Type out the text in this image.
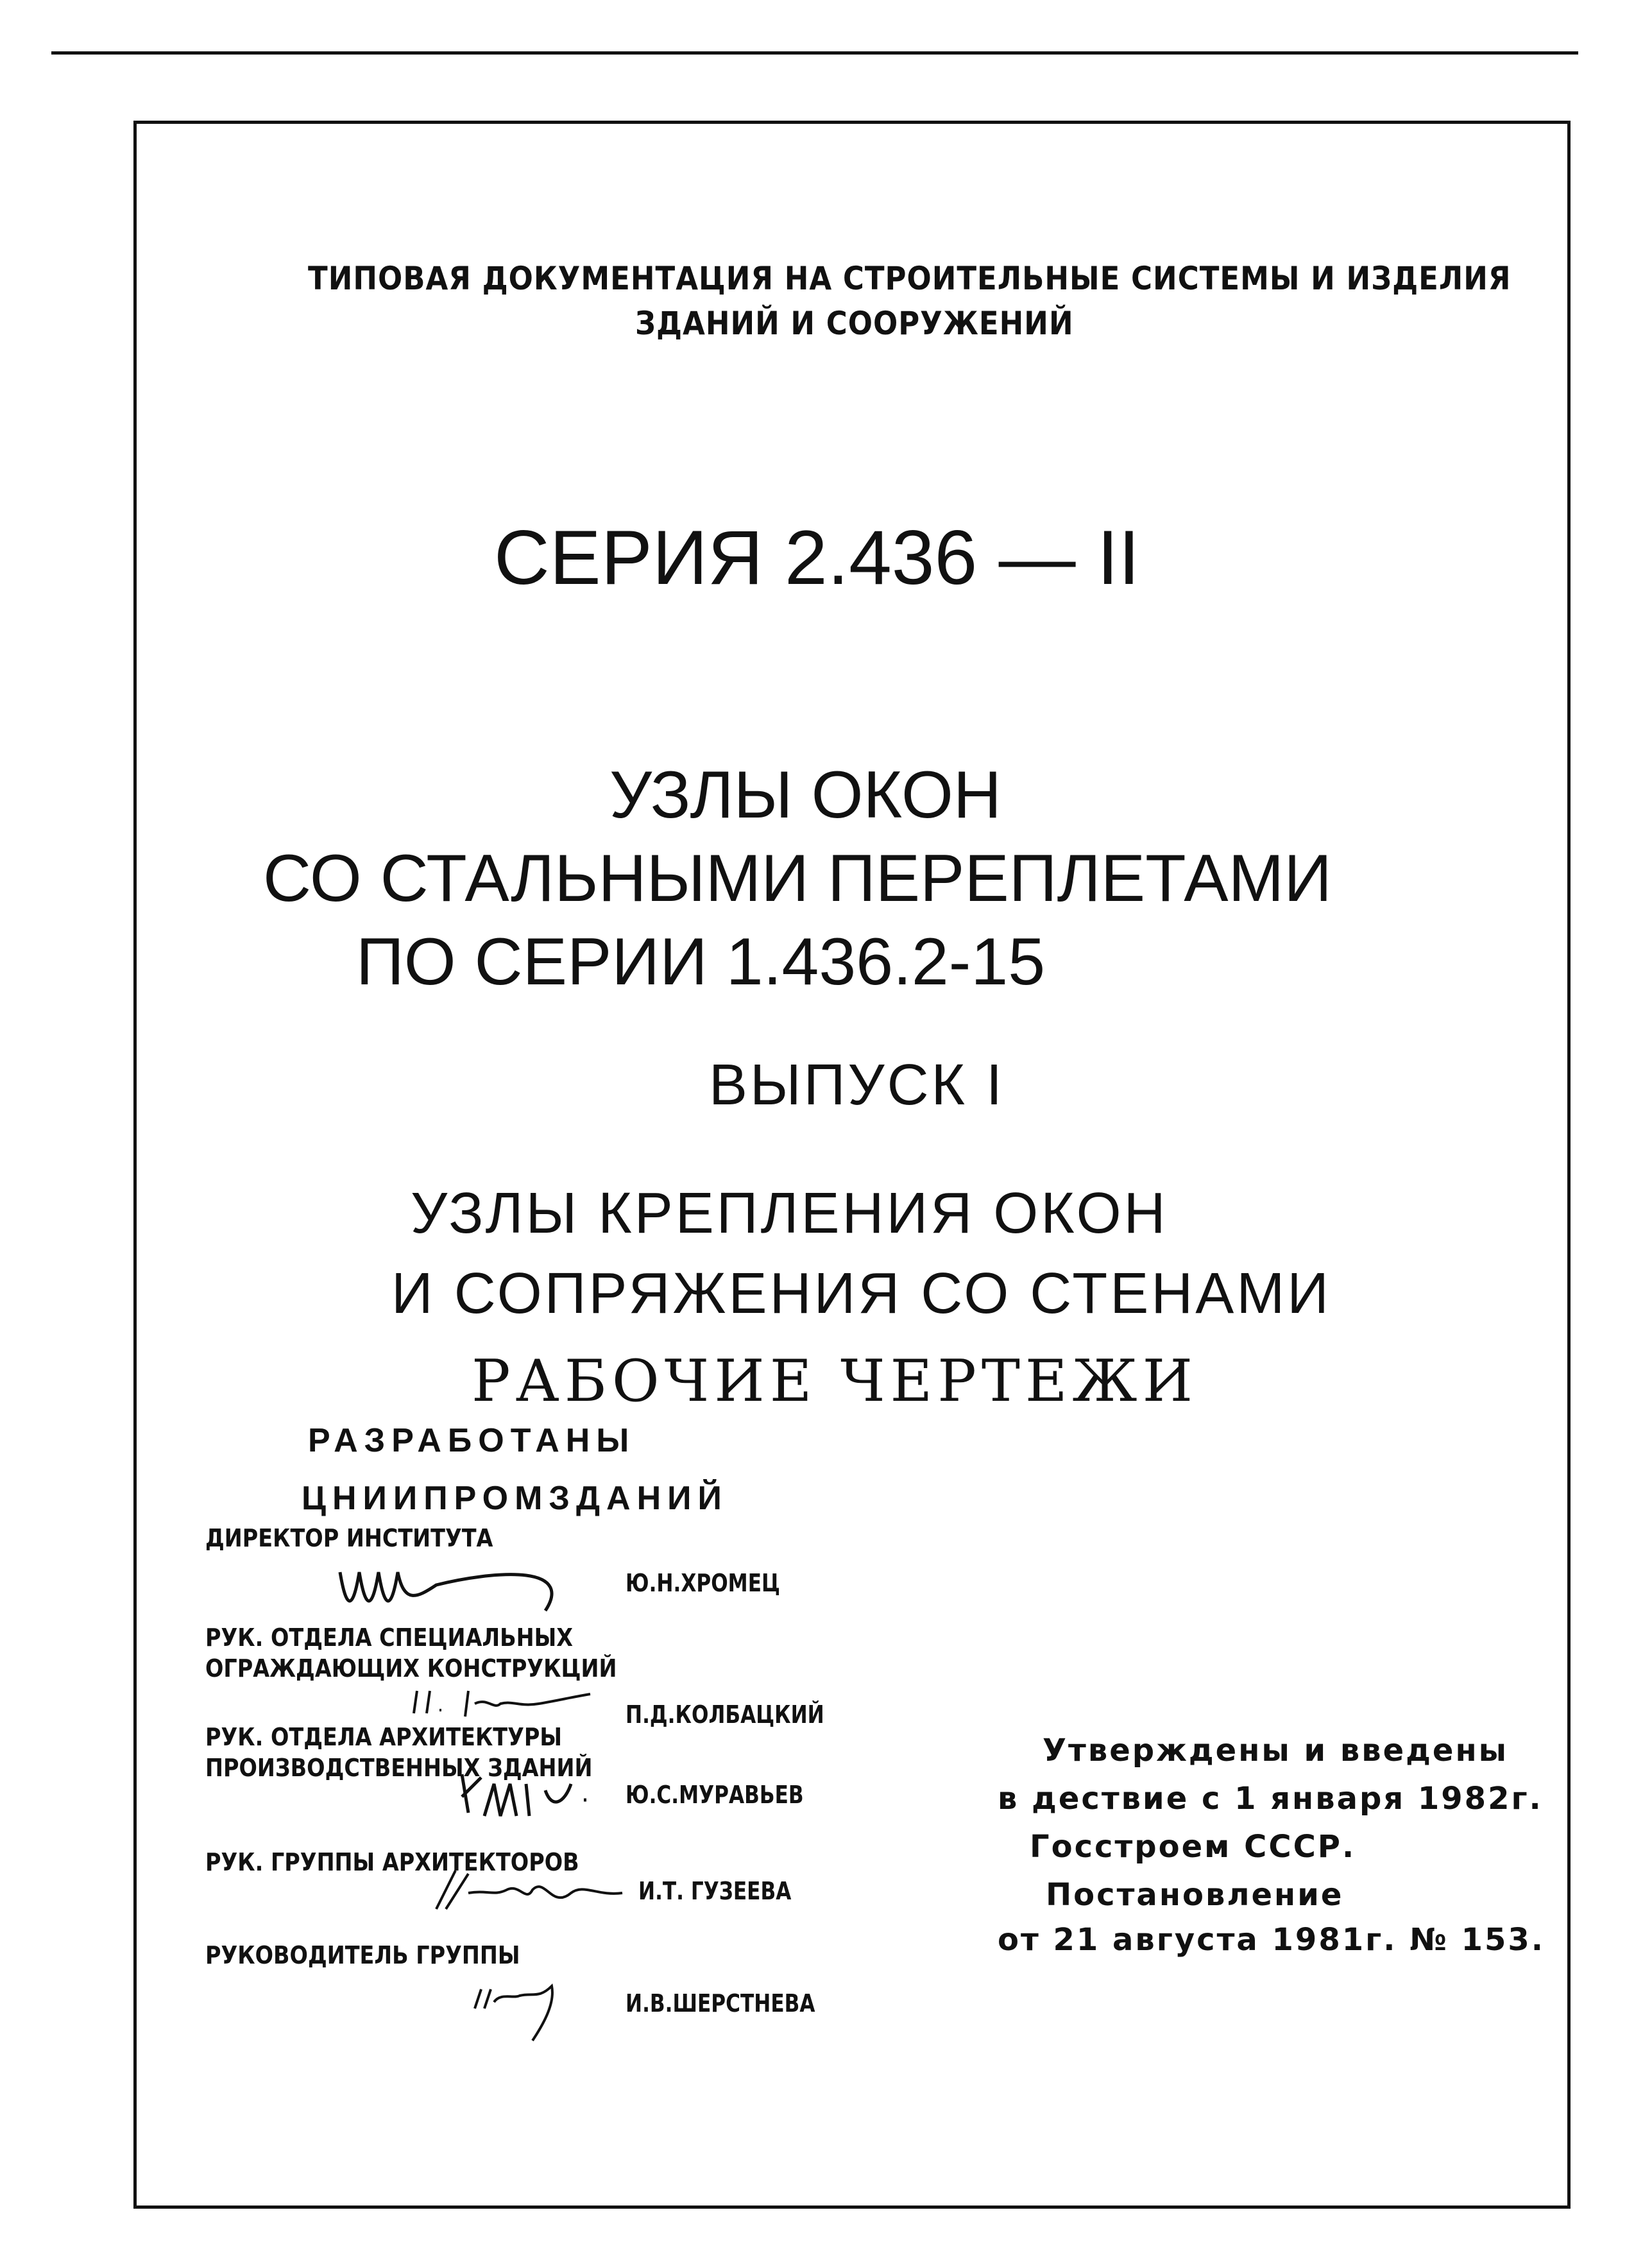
ТИПОВАЯ ДОКУМЕНТАЦИЯ НА СТРОИТЕЛЬНЫЕ СИСТЕМЫ И ИЗДЕЛИЯ
ЗДАНИЙ И СООРУЖЕНИЙ
СЕРИЯ 2.436 — II
УЗЛЫ ОКОН
СО СТАЛЬНЫМИ ПЕРЕПЛЕТАМИ
ПО СЕРИИ 1.436.2-15
ВЫПУСК I
УЗЛЫ КРЕПЛЕНИЯ ОКОН
И СОПРЯЖЕНИЯ СО СТЕНАМИ
РАБОЧИЕ ЧЕРТЕЖИ
РАЗРАБОТАНЫ
ЦНИИПРОМЗДАНИЙ
ДИРЕКТОР ИНСТИТУТА
Ю.Н.ХРОМЕЦ
РУК. ОТДЕЛА СПЕЦИАЛЬНЫХ
ОГРАЖДАЮЩИХ КОНСТРУКЦИЙ
П.Д.КОЛБАЦКИЙ
РУК. ОТДЕЛА АРХИТЕКТУРЫ
ПРОИЗВОДСТВЕННЫХ ЗДАНИЙ
Ю.С.МУРАВЬЕВ
РУК. ГРУППЫ АРХИТЕКТОРОВ
И.Т. ГУЗЕЕВА
РУКОВОДИТЕЛЬ ГРУППЫ
И.В.ШЕРСТНЕВА
Утверждены и введены
в дествие с 1 января 1982г.
Госстроем СССР.
Постановление
от 21 августа 1981г. № 153.
